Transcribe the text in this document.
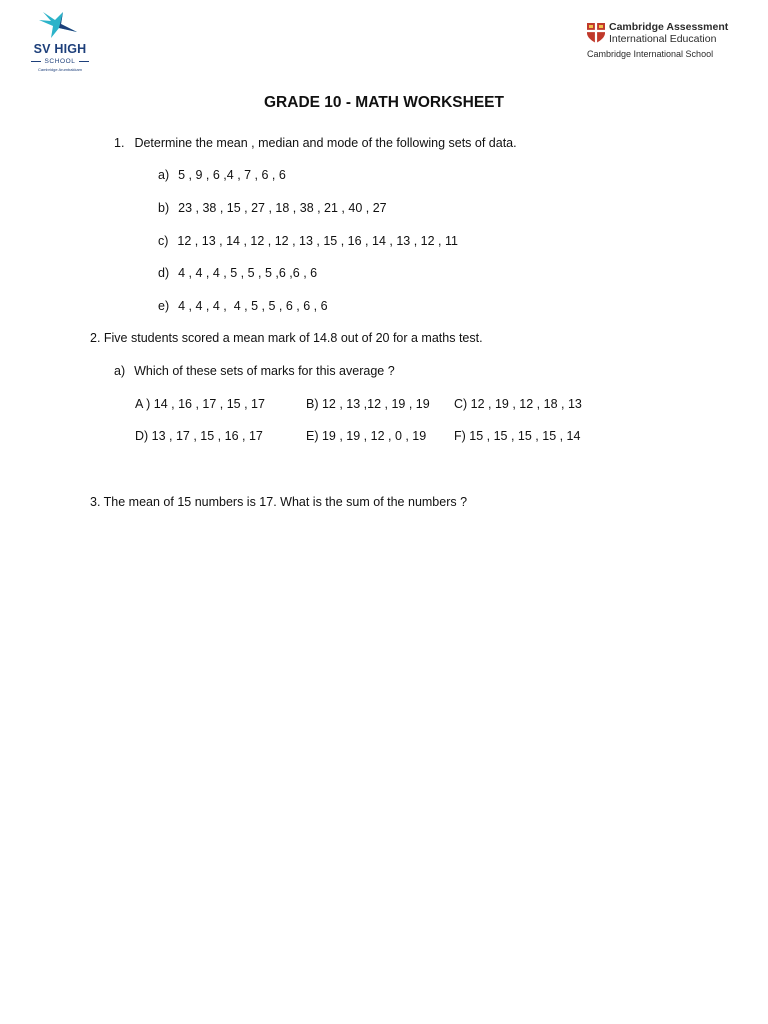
SV HIGH
SCHOOL
Cambridge Arumbakkam
Cambridge Assessment
International Education
Cambridge International School
GRADE 10 - MATH WORKSHEET
1. Determine the mean , median and mode of the following sets of data.
a) 5 , 9 , 6 ,4 , 7 , 6 , 6
b) 23 , 38 , 15 , 27 , 18 , 38 , 21 , 40 , 27
c) 12 , 13 , 14 , 12 , 12 , 13 , 15 , 16 , 14 , 13 , 12 , 11
d) 4 , 4 , 4 , 5 , 5 , 5 ,6 ,6 , 6
e) 4 , 4 , 4 ,  4 , 5 , 5 , 6 , 6 , 6
2. Five students scored a mean mark of 14.8 out of 20 for a maths test.
a) Which of these sets of marks for this average ?
A ) 14 , 16 , 17 , 15 , 17	B) 12 , 13 ,12 , 19 , 19 C) 12 , 19 , 12 , 18 , 13
D) 13 , 17 , 15 , 16 , 17	E) 19 , 19 , 12 , 0 , 19 F) 15 , 15 , 15 , 15 , 14
3. The mean of 15 numbers is 17. What is the sum of the numbers ?
